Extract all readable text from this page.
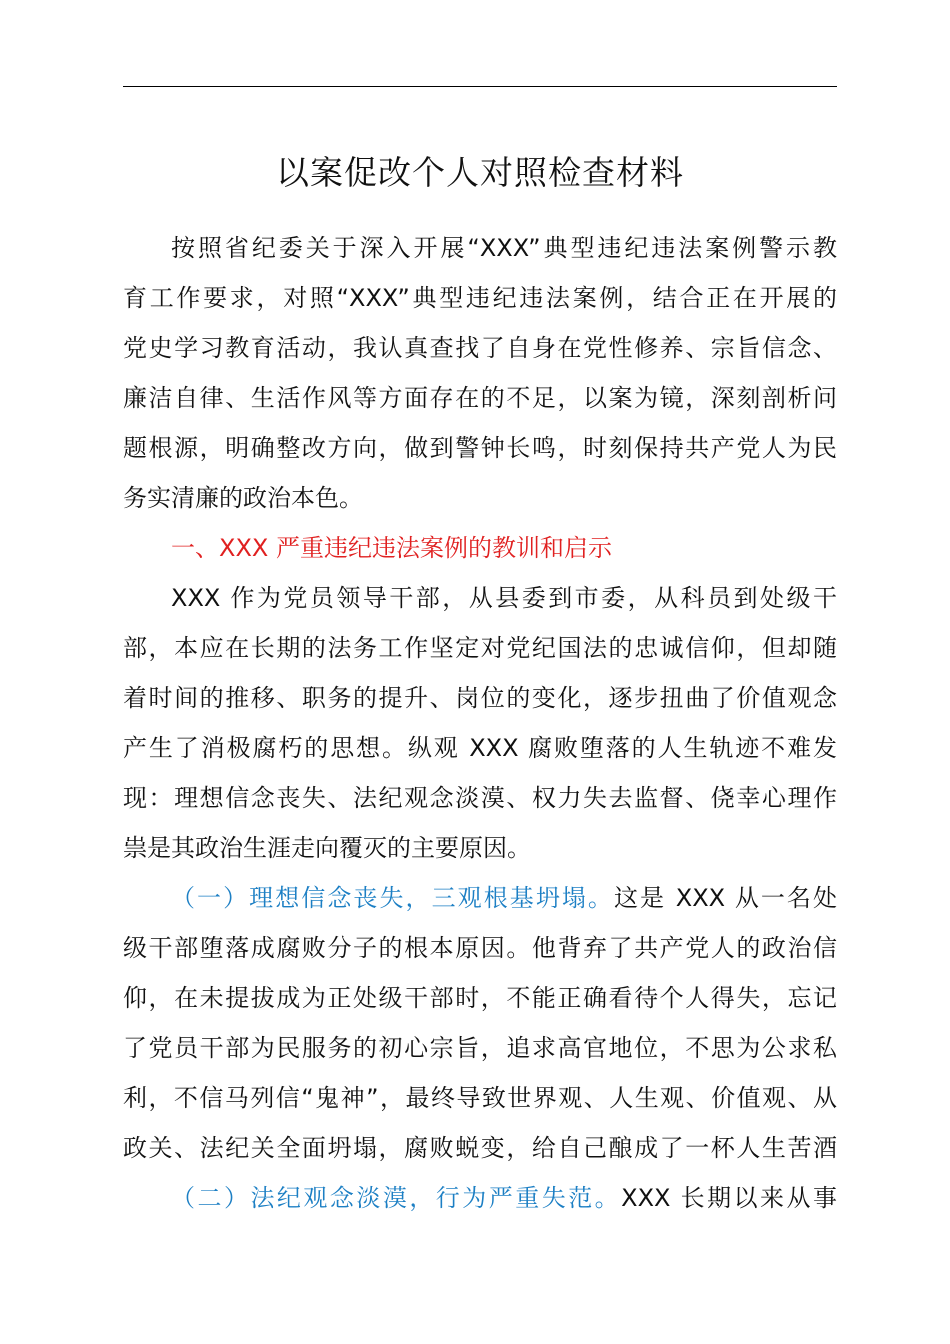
以案促改个人对照检查材料
按照省纪委关于深入开展“XXX”典型违纪违法案例警示教
育工作要求，对照“XXX”典型违纪违法案例，结合正在开展的
党史学习教育活动，我认真查找了自身在党性修养、宗旨信念、
廉洁自律、生活作风等方面存在的不足，以案为镜，深刻剖析问
题根源，明确整改方向，做到警钟长鸣，时刻保持共产党人为民
务实清廉的政治本色。
一、XXX 严重违纪违法案例的教训和启示
XXX 作为党员领导干部，从县委到市委，从科员到处级干
部，本应在长期的法务工作坚定对党纪国法的忠诚信仰，但却随
着时间的推移、职务的提升、岗位的变化，逐步扭曲了价值观念
产生了消极腐朽的思想。纵观 XXX 腐败堕落的人生轨迹不难发
现：理想信念丧失、法纪观念淡漠、权力失去监督、侥幸心理作
祟是其政治生涯走向覆灭的主要原因。
（一）理想信念丧失，三观根基坍塌。这是 XXX 从一名处
级干部堕落成腐败分子的根本原因。他背弃了共产党人的政治信
仰，在未提拔成为正处级干部时，不能正确看待个人得失，忘记
了党员干部为民服务的初心宗旨，追求高官地位，不思为公求私
利，不信马列信“鬼神”，最终导致世界观、人生观、价值观、从
政关、法纪关全面坍塌，腐败蜕变，给自己酿成了一杯人生苦酒
（二）法纪观念淡漠，行为严重失范。XXX 长期以来从事
